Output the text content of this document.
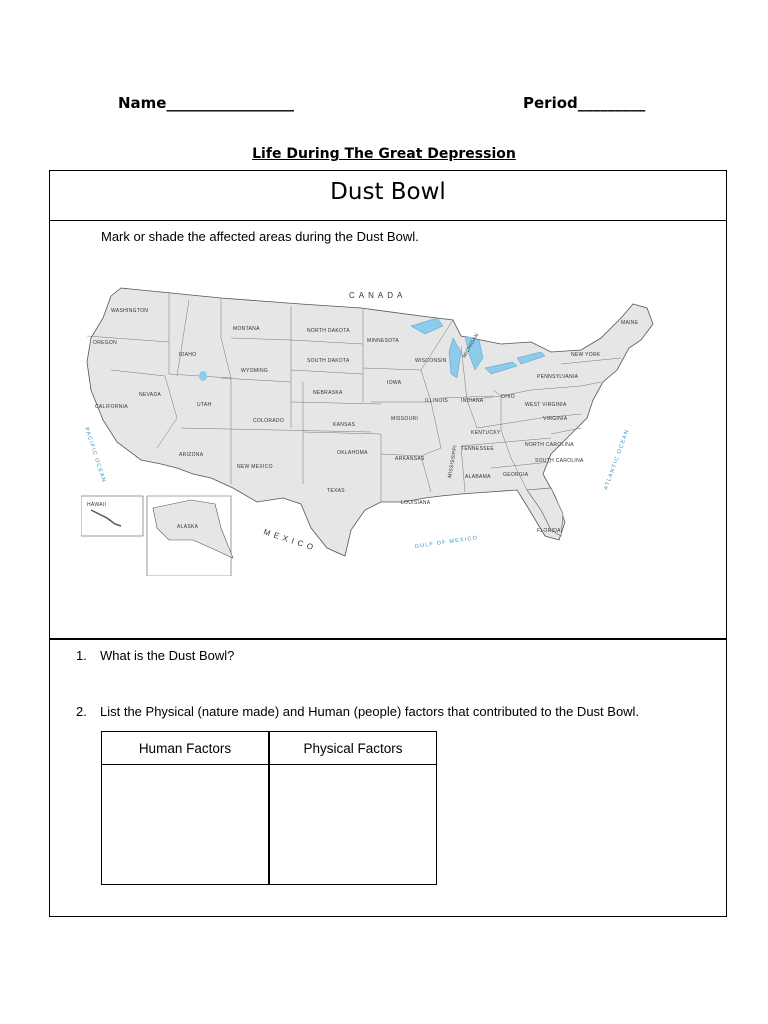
Name_________________	Period_________
Life During The Great Depression
Dust Bowl
Mark or shade the affected areas during the Dust Bowl.
CANADA
MEXICO
ATLANTIC OCEAN
GULF OF MEXICO
PACIFIC OCEAN
WASHINGTON
OREGON
CALIFORNIA
IDAHO
NEVADA
MONTANA
WYOMING
UTAH
ARIZONA
COLORADO
NEW MEXICO
NORTH DAKOTA
SOUTH DAKOTA
NEBRASKA
KANSAS
OKLAHOMA
TEXAS
MINNESOTA
IOWA
MISSOURI
ARKANSAS
LOUISIANA
WISCONSIN
ILLINOIS
MICHIGAN
INDIANA
OHIO
KENTUCKY
TENNESSEE
MISSISSIPPI ALABAMA GEORGIA
FLORIDA
SOUTH CAROLINA
NORTH CAROLINA
VIRGINIA
WEST VIRGINIA
PENNSYLVANIA
NEW YORK
MAINE
ALASKA
HAWAII
1. What is the Dust Bowl?
2. List the Physical (nature made) and Human (people) factors that contributed to the Dust Bowl.
Human Factors	Physical Factors
